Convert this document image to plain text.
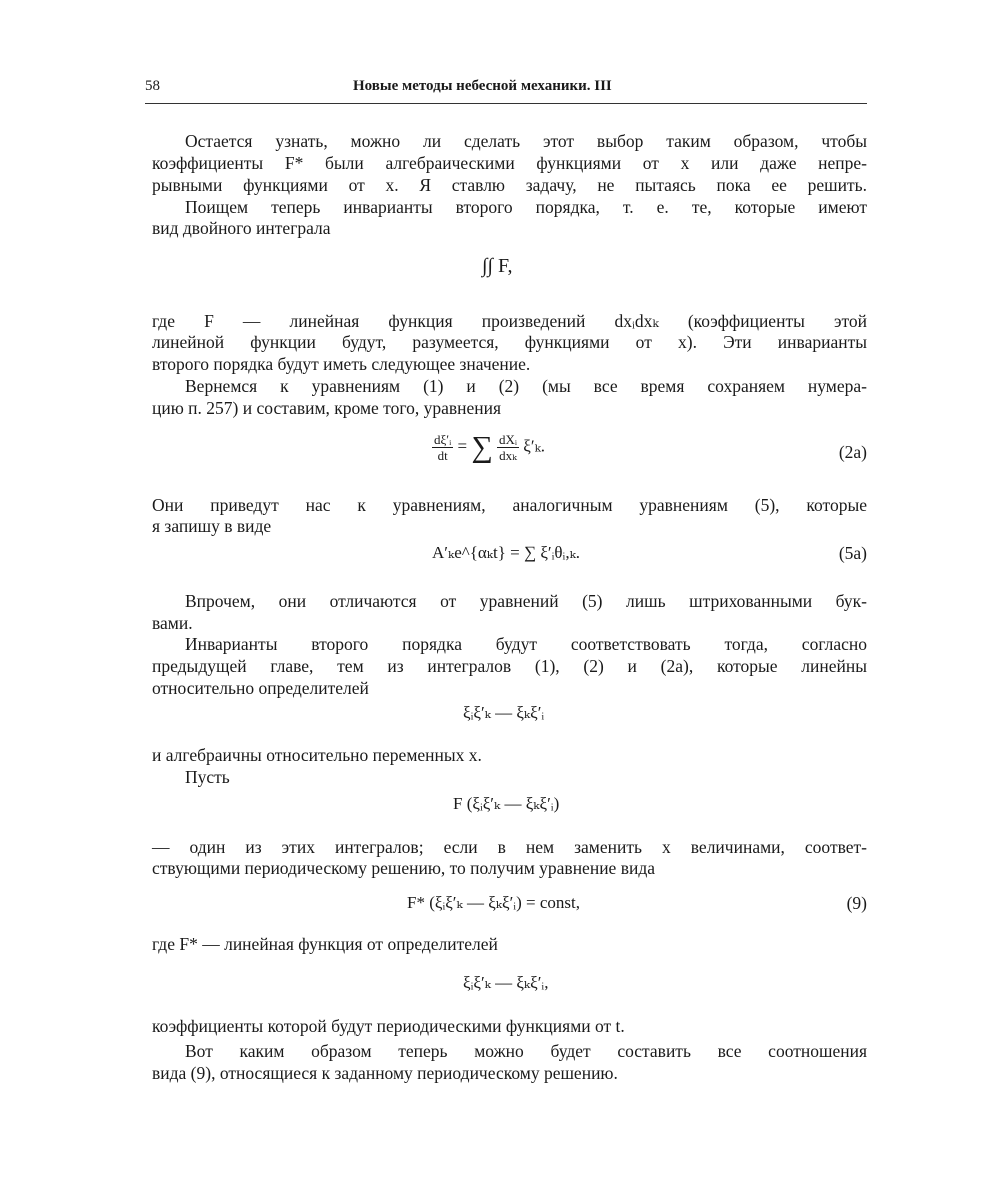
58	Новые методы небесной механики. III
Остается узнать, можно ли сделать этот выбор таким образом, чтобы
коэффициенты F* были алгебраическими функциями от x или даже непре-
рывными функциями от x. Я ставлю задачу, не пытаясь пока ее решить.
Поищем теперь инварианты второго порядка, т. е. те, которые имеют
вид двойного интеграла
∫∫ F,
где F — линейная функция произведений dxᵢdxₖ (коэффициенты этой
линейной функции будут, разумеется, функциями от x). Эти инварианты
второго порядка будут иметь следующее значение.
Вернемся к уравнениям (1) и (2) (мы все время сохраняем нумера-
цию п. 257) и составим, кроме того, уравнения
$\frac{\text{dξ′ᵢ}}{dt}$ = ∑ $\frac{\text{dXᵢ}}{\text{dxₖ}} \xi'_k$.	(2а)
Они приведут нас к уравнениям, аналогичным уравнениям (5), которые
я запишу в виде
A′ₖe^{αₖt} = ∑ ξ′ᵢθᵢ,ₖ.	(5а)
Впрочем, они отличаются от уравнений (5) лишь штрихованными бук-
вами.
Инварианты второго порядка будут соответствовать тогда, согласно
предыдущей главе, тем из интегралов (1), (2) и (2а), которые линейны
относительно определителей
ξᵢξ′ₖ — ξₖξ′ᵢ
и алгебраичны относительно переменных x.
Пусть
F (ξᵢξ′ₖ — ξₖξ′ᵢ)
— один из этих интегралов; если в нем заменить x величинами, соответ-
ствующими периодическому решению, то получим уравнение вида
F* (ξᵢξ′ₖ — ξₖξ′ᵢ) = const,	(9)
где F* — линейная функция от определителей
ξᵢξ′ₖ — ξₖξ′ᵢ,
коэффициенты которой будут периодическими функциями от t.
Вот каким образом теперь можно будет составить все соотношения
вида (9), относящиеся к заданному периодическому решению.
